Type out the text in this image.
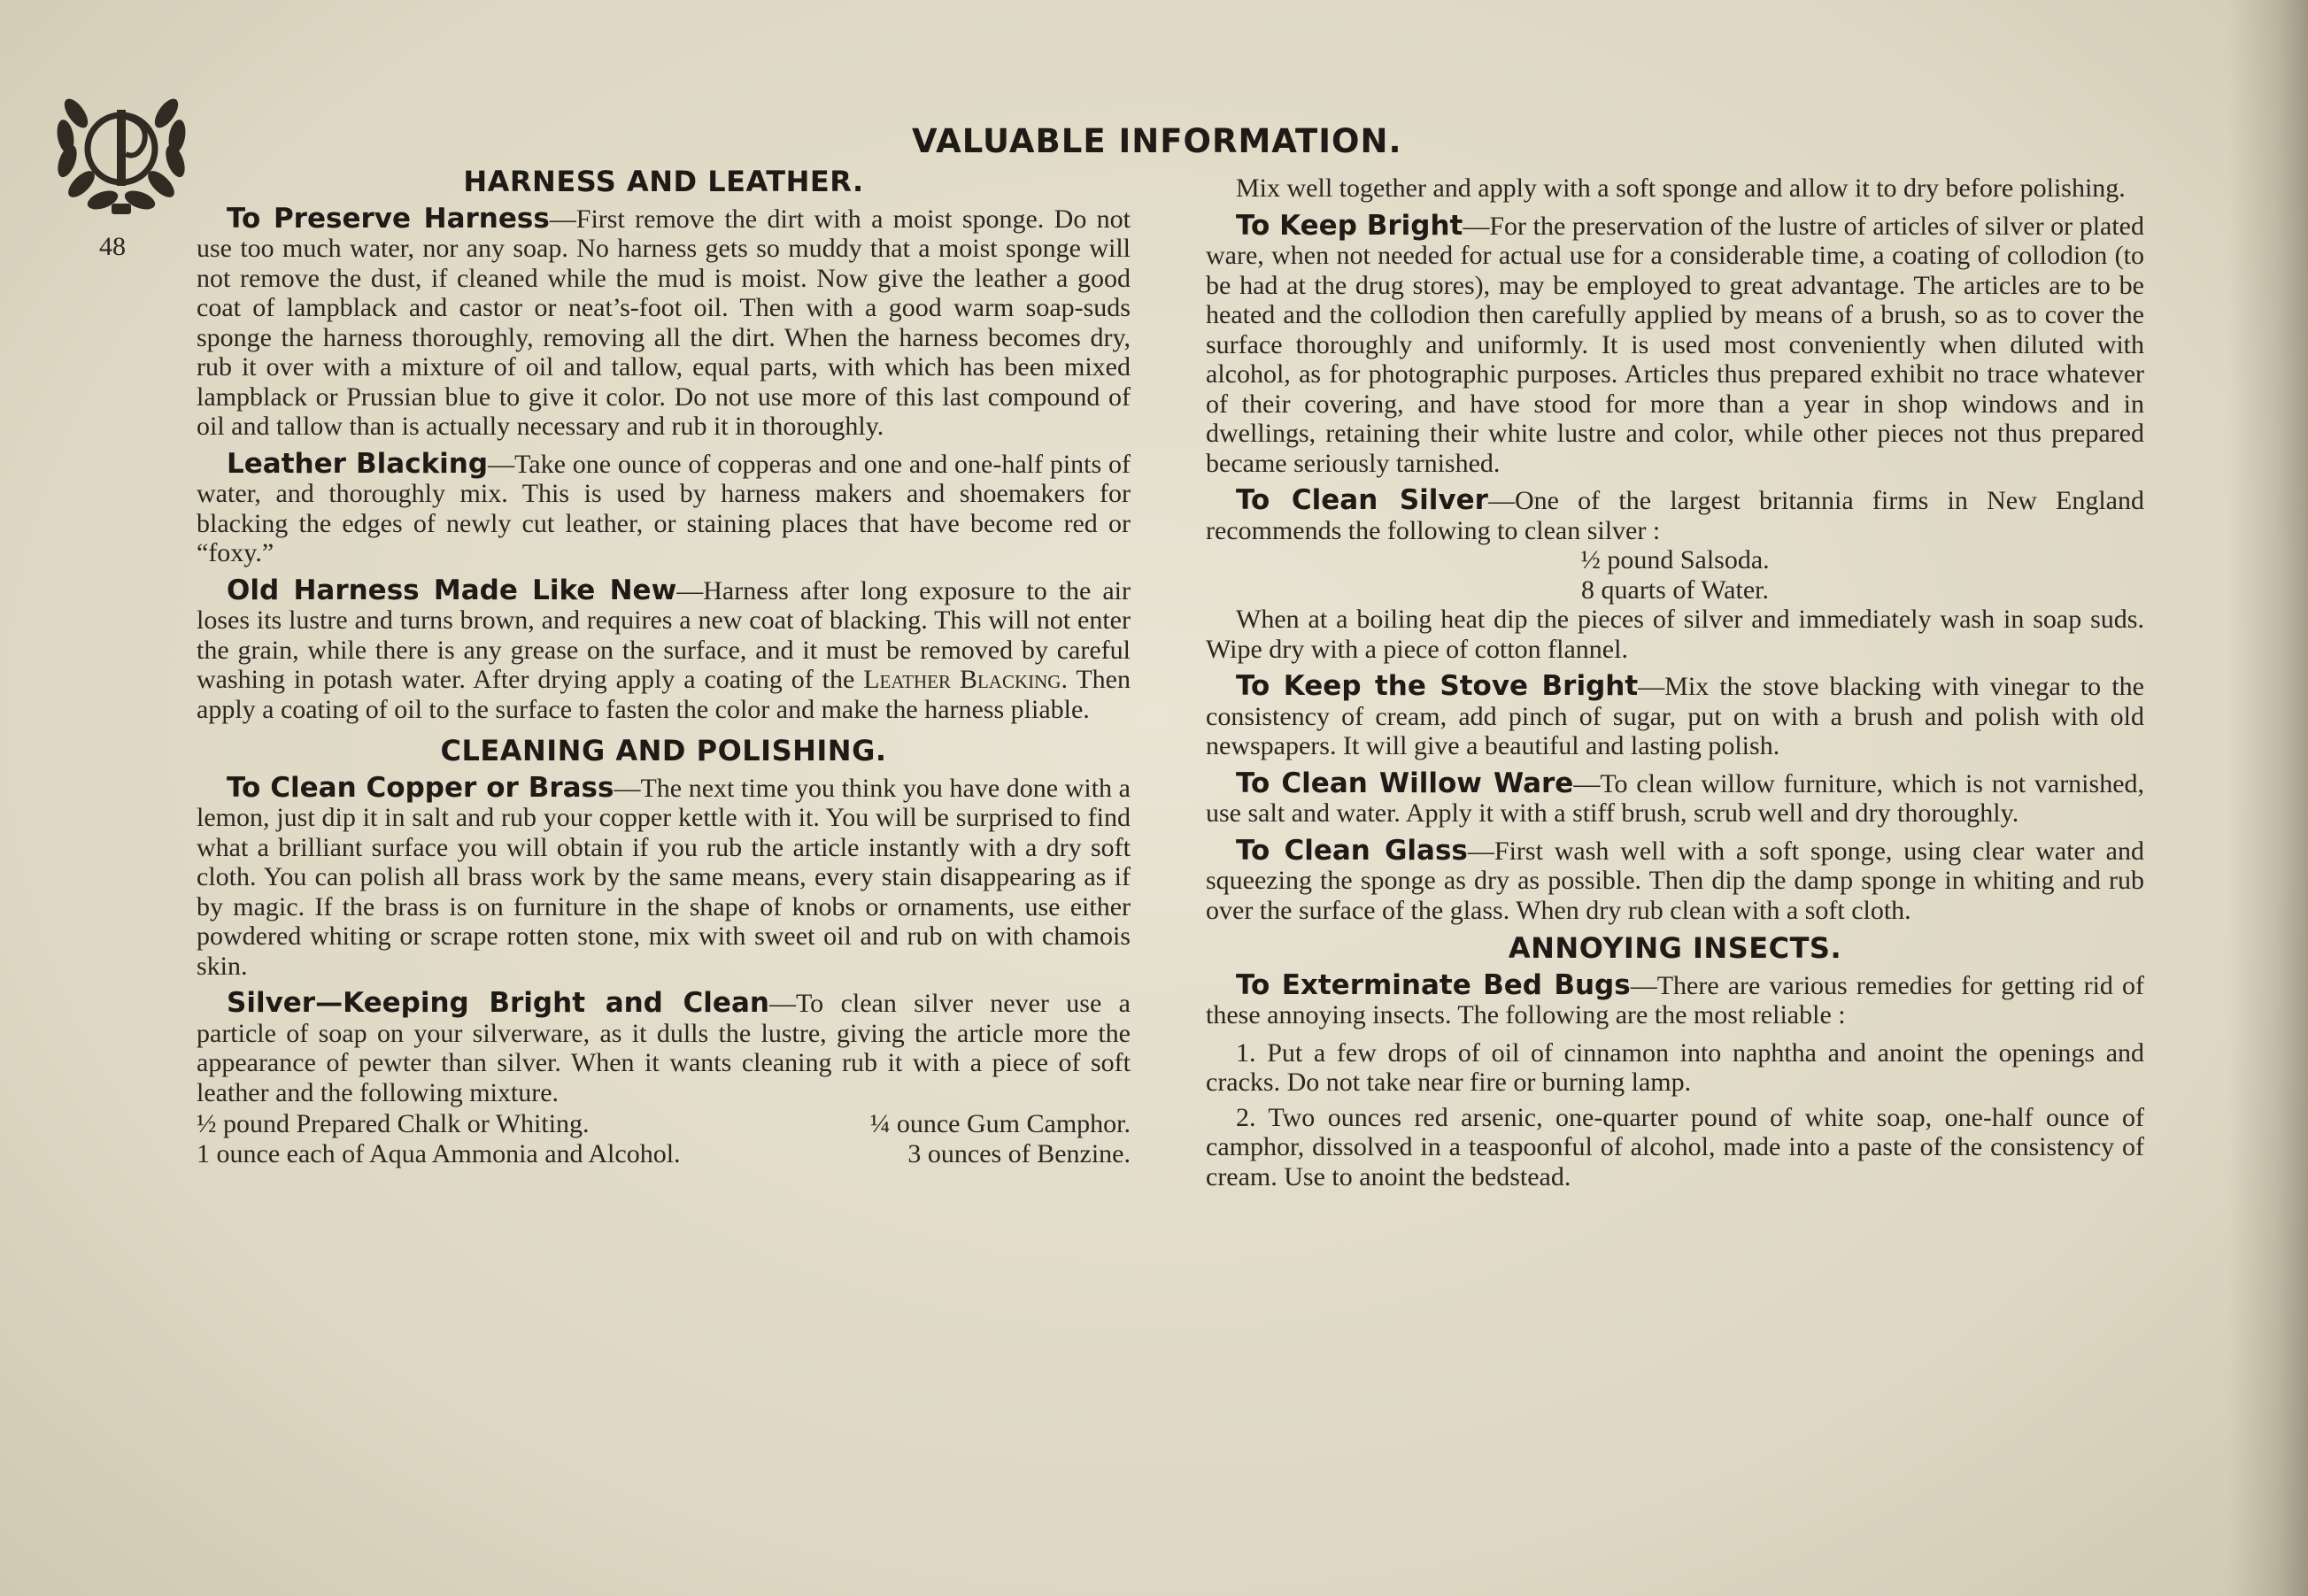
48
VALUABLE INFORMATION.
HARNESS AND LEATHER.

To Preserve Harness—First remove the dirt with a moist sponge. Do not use too much water, nor any soap. No harness gets so muddy that a moist sponge will not remove the dust, if cleaned while the mud is moist. Now give the leather a good coat of lampblack and castor or neat’s-foot oil. Then with a good warm soap-suds sponge the harness thoroughly, removing all the dirt. When the harness becomes dry, rub it over with a mixture of oil and tallow, equal parts, with which has been mixed lampblack or Prussian blue to give it color. Do not use more of this last compound of oil and tallow than is actually necessary and rub it in thoroughly.

Leather Blacking—Take one ounce of copperas and one and one-half pints of water, and thoroughly mix. This is used by harness makers and shoemakers for blacking the edges of newly cut leather, or staining places that have become red or “foxy.”

Old Harness Made Like New—Harness after long exposure to the air loses its lustre and turns brown, and requires a new coat of blacking. This will not enter the grain, while there is any grease on the surface, and it must be removed by careful washing in potash water. After drying apply a coating of the Leather Blacking. Then apply a coating of oil to the surface to fasten the color and make the harness pliable.

CLEANING AND POLISHING.

To Clean Copper or Brass—The next time you think you have done with a lemon, just dip it in salt and rub your copper kettle with it. You will be surprised to find what a brilliant surface you will obtain if you rub the article instantly with a dry soft cloth. You can polish all brass work by the same means, every stain disappearing as if by magic. If the brass is on furniture in the shape of knobs or ornaments, use either powdered whiting or scrape rotten stone, mix with sweet oil and rub on with chamois skin.

Silver—Keeping Bright and Clean—To clean silver never use a particle of soap on your silverware, as it dulls the lustre, giving the article more the appearance of pewter than silver. When it wants cleaning rub it with a piece of soft leather and the following mixture.

½ pound Prepared Chalk or Whiting.	¼ ounce Gum Camphor.
1 ounce each of Aqua Ammonia and Alcohol.	3 ounces of Benzine.

Mix well together and apply with a soft sponge and allow it to dry before polishing.

To Keep Bright—For the preservation of the lustre of articles of silver or plated ware, when not needed for actual use for a considerable time, a coating of collodion (to be had at the drug stores), may be employed to great advantage. The articles are to be heated and the collodion then carefully applied by means of a brush, so as to cover the surface thoroughly and uniformly. It is used most conveniently when diluted with alcohol, as for photographic purposes. Articles thus prepared exhibit no trace whatever of their covering, and have stood for more than a year in shop windows and in dwellings, retaining their white lustre and color, while other pieces not thus prepared became seriously tarnished.

To Clean Silver—One of the largest britannia firms in New England recommends the following to clean silver :

½ pound Salsoda.

8 quarts of Water.

When at a boiling heat dip the pieces of silver and immediately wash in soap suds. Wipe dry with a piece of cotton flannel.

To Keep the Stove Bright—Mix the stove blacking with vinegar to the consistency of cream, add pinch of sugar, put on with a brush and polish with old newspapers. It will give a beautiful and lasting polish.

To Clean Willow Ware—To clean willow furniture, which is not varnished, use salt and water. Apply it with a stiff brush, scrub well and dry thoroughly.

To Clean Glass—First wash well with a soft sponge, using clear water and squeezing the sponge as dry as possible. Then dip the damp sponge in whiting and rub over the surface of the glass. When dry rub clean with a soft cloth.

ANNOYING INSECTS.

To Exterminate Bed Bugs—There are various remedies for getting rid of these annoying insects. The following are the most reliable :

1. Put a few drops of oil of cinnamon into naphtha and anoint the openings and cracks. Do not take near fire or burning lamp.

2. Two ounces red arsenic, one-quarter pound of white soap, one-half ounce of camphor, dissolved in a teaspoonful of alcohol, made into a paste of the consistency of cream. Use to anoint the bedstead.
